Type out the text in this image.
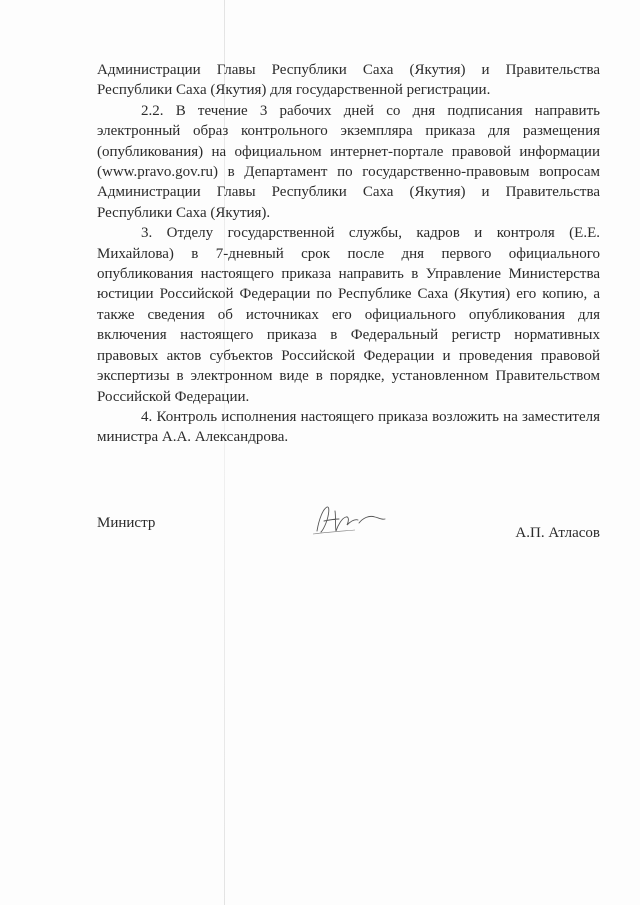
Администрации Главы Республики Саха (Якутия) и Правительства Республики Саха (Якутия) для государственной регистрации.

2.2. В течение 3 рабочих дней со дня подписания направить электронный образ контрольного экземпляра приказа для размещения (опубликования) на официальном интернет-портале правовой информации (www.pravo.gov.ru) в Департамент по государственно-правовым вопросам Администрации Главы Республики Саха (Якутия) и Правительства Республики Саха (Якутия).

3. Отделу государственной службы, кадров и контроля (Е.Е. Михайлова) в 7-дневный срок после дня первого официального опубликования настоящего приказа направить в Управление Министерства юстиции Российской Федерации по Республике Саха (Якутия) его копию, а также сведения об источниках его официального опубликования для включения настоящего приказа в Федеральный регистр нормативных правовых актов субъектов Российской Федерации и проведения правовой экспертизы в электронном виде в порядке, установленном Правительством Российской Федерации.

4. Контроль исполнения настоящего приказа возложить на заместителя министра А.А. Александрова.

Министр
А.П. Атласов
